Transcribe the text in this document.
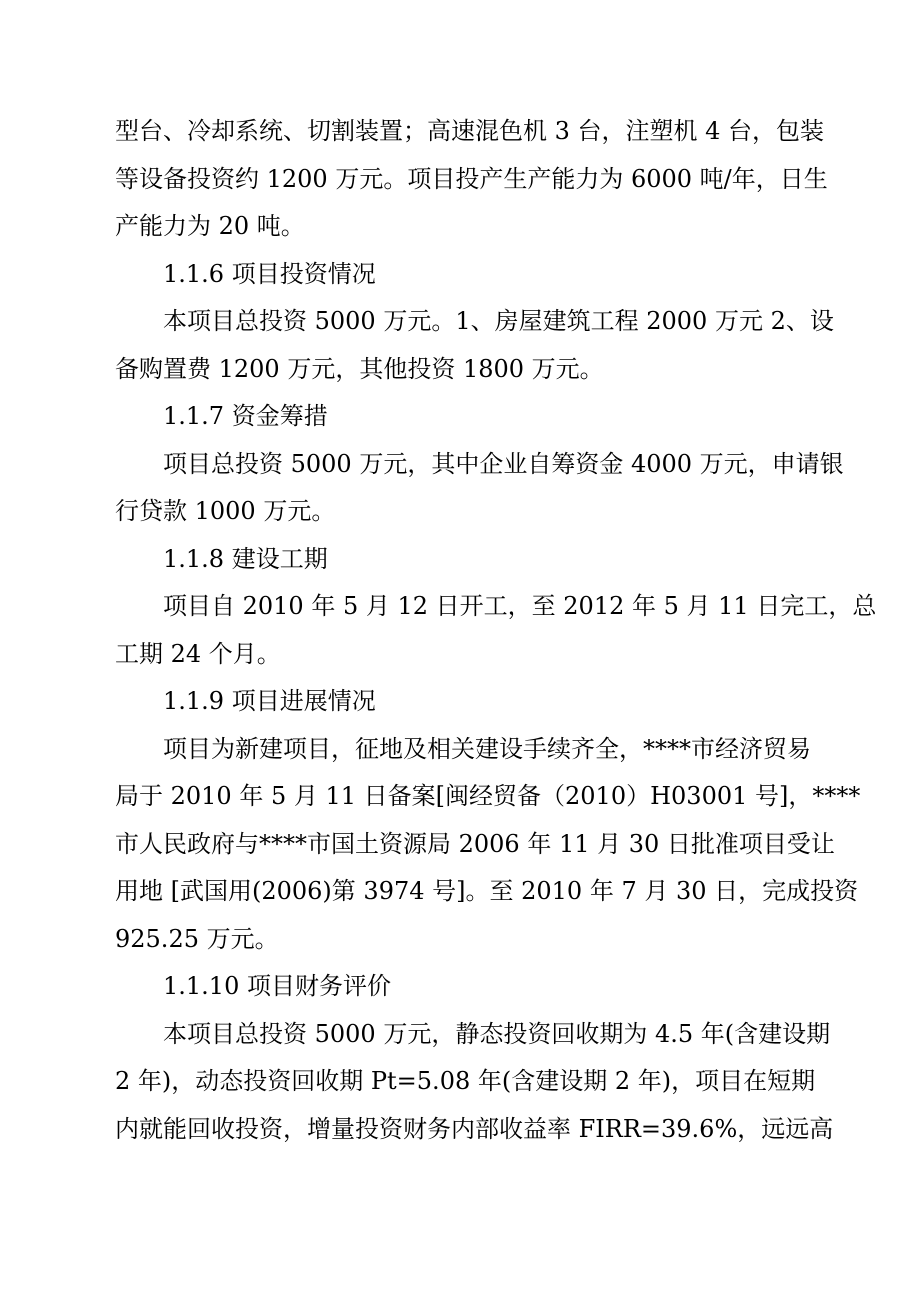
型台、冷却系统、切割装置；高速混色机 3 台，注塑机 4 台，包装
等设备投资约 1200 万元。项目投产生产能力为 6000 吨/年，日生
产能力为 20 吨。
1.1.6 项目投资情况
本项目总投资 5000 万元。1、房屋建筑工程 2000 万元 2、设
备购置费 1200 万元，其他投资 1800 万元。
1.1.7 资金筹措
项目总投资 5000 万元，其中企业自筹资金 4000 万元，申请银
行贷款 1000 万元。
1.1.8 建设工期
项目自 2010 年 5 月 12 日开工，至 2012 年 5 月 11 日完工，总
工期 24 个月。
1.1.9 项目进展情况
项目为新建项目，征地及相关建设手续齐全，****市经济贸易
局于 2010 年 5 月 11 日备案[闽经贸备（2010）H03001 号]，****
市人民政府与****市国土资源局 2006 年 11 月 30 日批准项目受让
用地 [武国用(2006)第 3974 号]。至 2010 年 7 月 30 日，完成投资
925.25 万元。
1.1.10 项目财务评价
本项目总投资 5000 万元，静态投资回收期为 4.5 年(含建设期
2 年)，动态投资回收期 Pt=5.08 年(含建设期 2 年)，项目在短期
内就能回收投资，增量投资财务内部收益率 FIRR=39.6%，远远高
